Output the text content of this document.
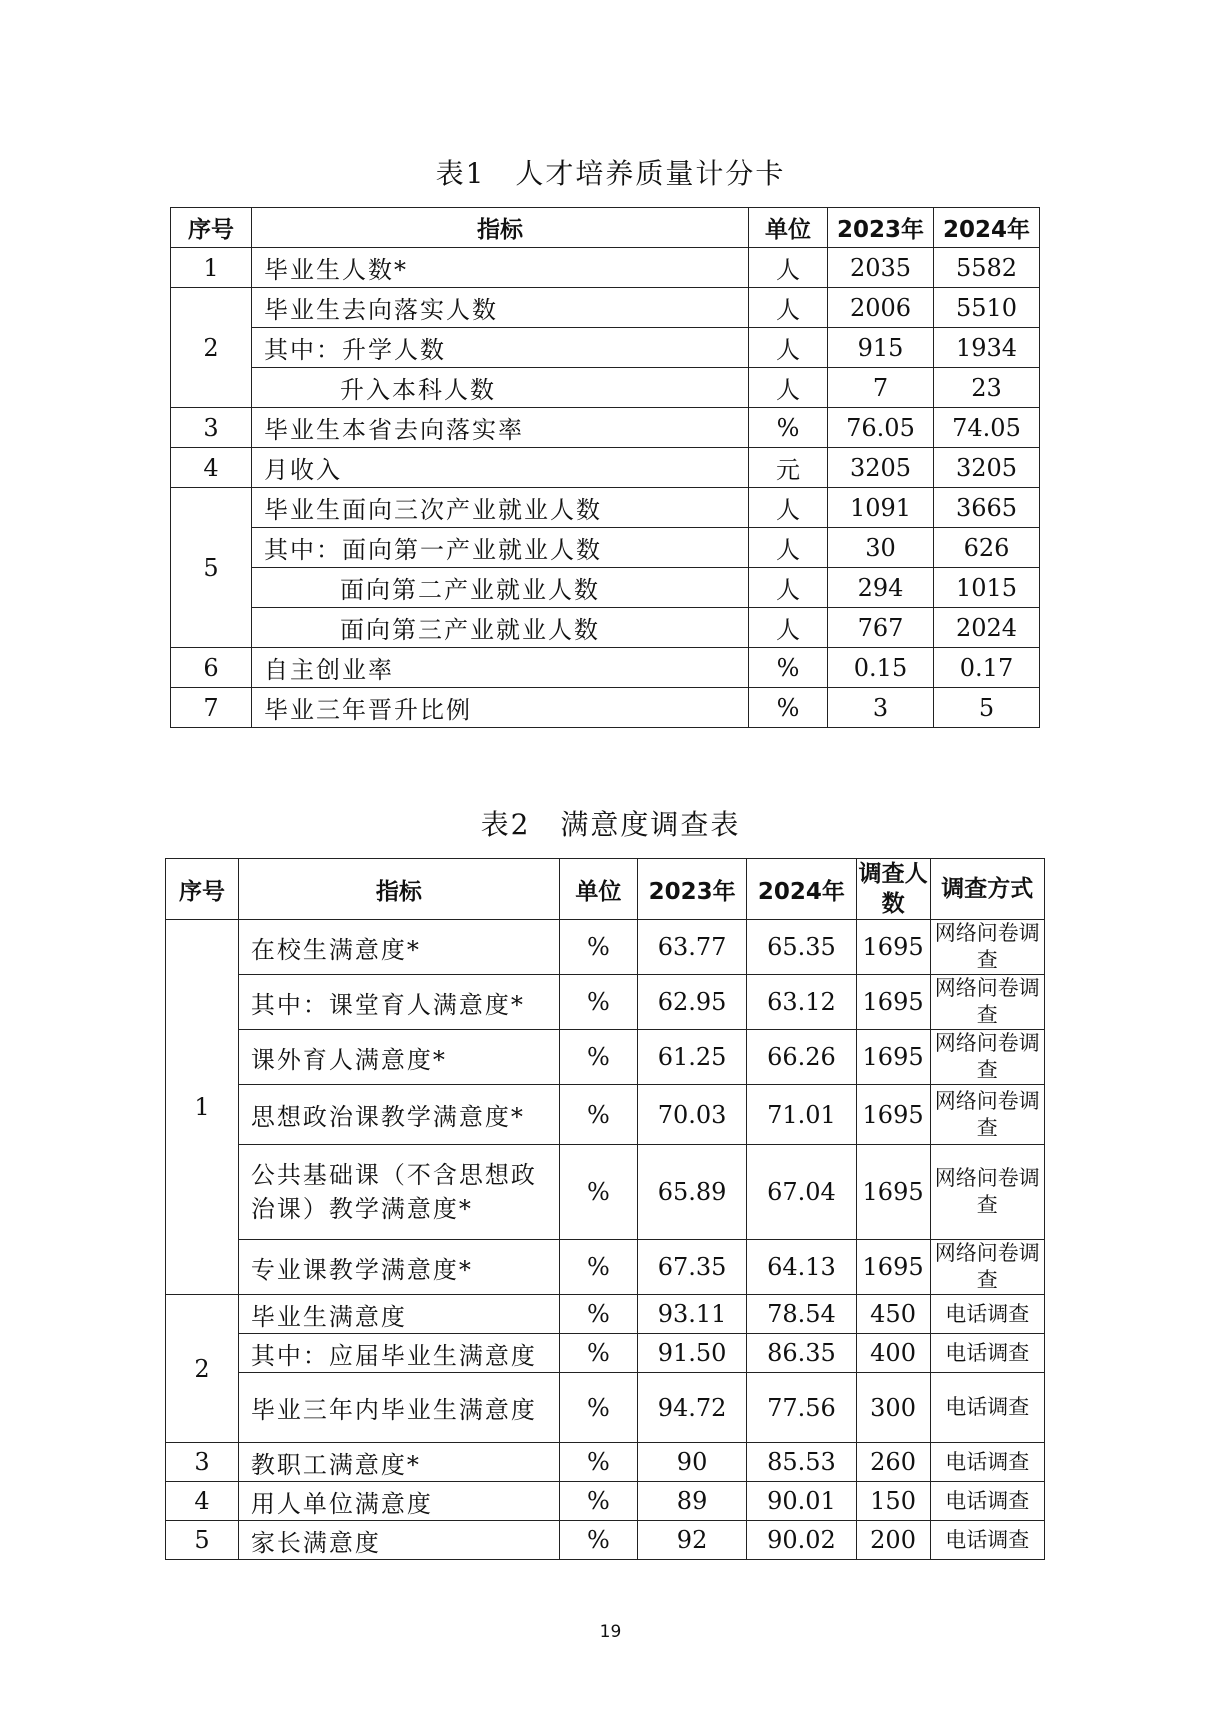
表1　人才培养质量计分卡
序号	指标	单位	2023年	2024年
1	毕业生人数*	人	2035	5582
2	毕业生去向落实人数	人	2006	5510
	其中：升学人数	人	915	1934
	升入本科人数	人	7	23
3	毕业生本省去向落实率	%	76.05	74.05
4	月收入	元	3205	3205
5	毕业生面向三次产业就业人数	人	1091	3665
	其中：面向第一产业就业人数	人	30	626
	面向第二产业就业人数	人	294	1015
	面向第三产业就业人数	人	767	2024
6	自主创业率	%	0.15	0.17
7	毕业三年晋升比例	%	3	5
表2　满意度调查表
序号	指标	单位	2023年	2024年	调查人数	调查方式
1	在校生满意度*	%	63.77	65.35	1695	网络问卷调查
	其中：课堂育人满意度*	%	62.95	63.12	1695	网络问卷调查
	课外育人满意度*	%	61.25	66.26	1695	网络问卷调查
	思想政治课教学满意度*	%	70.03	71.01	1695	网络问卷调查
	公共基础课（不含思想政治课）教学满意度*	%	65.89	67.04	1695	网络问卷调查
	专业课教学满意度*	%	67.35	64.13	1695	网络问卷调查
2	毕业生满意度	%	93.11	78.54	450	电话调查
	其中：应届毕业生满意度	%	91.50	86.35	400	电话调查
	毕业三年内毕业生满意度	%	94.72	77.56	300	电话调查
3	教职工满意度*	%	90	85.53	260	电话调查
4	用人单位满意度	%	89	90.01	150	电话调查
5	家长满意度	%	92	90.02	200	电话调查
19
